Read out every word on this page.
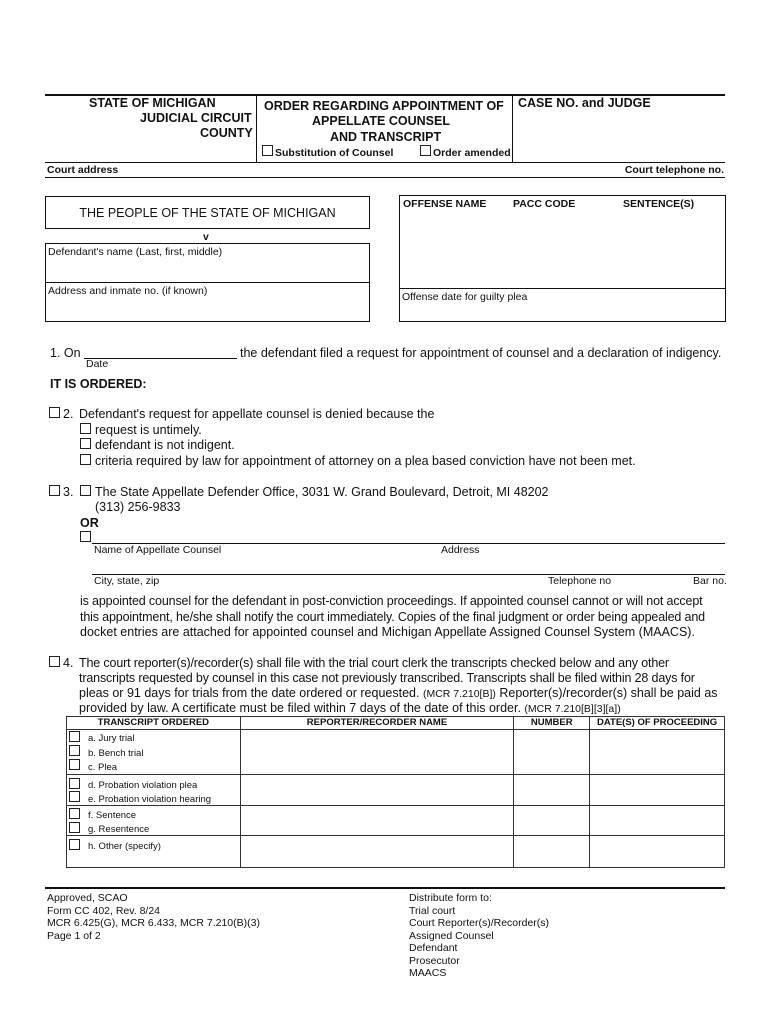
STATE OF MICHIGAN
JUDICIAL CIRCUIT
COUNTY
ORDER REGARDING APPOINTMENT OF
APPELLATE COUNSEL
AND TRANSCRIPT
Substitution of Counsel	Order amended
CASE NO. and JUDGE
Court address	Court telephone no.
THE PEOPLE OF THE STATE OF MICHIGAN
v
Defendant's name (Last, first, middle)
Address and inmate no. (if known)
OFFENSE NAME	PACC CODE	SENTENCE(S)
Offense date for guilty plea
1. On
Date
the defendant filed a request for appointment of counsel and a declaration of indigency.
IT IS ORDERED:
2. Defendant's request for appellate counsel is denied because the
request is untimely.
defendant is not indigent.
criteria required by law for appointment of attorney on a plea based conviction have not been met.
3. The State Appellate Defender Office, 3031 W. Grand Boulevard, Detroit, MI 48202
(313) 256-9833
OR
Name of Appellate Counsel	Address
City, state, zip	Telephone no	Bar no.
is appointed counsel for the defendant in post-conviction proceedings. If appointed counsel cannot or will not accept
this appointment, he/she shall notify the court immediately. Copies of the final judgment or order being appealed and
docket entries are attached for appointed counsel and Michigan Appellate Assigned Counsel System (MAACS).
4. The court reporter(s)/recorder(s) shall file with the trial court clerk the transcripts checked below and any other
transcripts requested by counsel in this case not previously transcribed. Transcripts shall be filed within 28 days for
pleas or 91 days for trials from the date ordered or requested. (MCR 7.210[B]) Reporter(s)/recorder(s) shall be paid as
provided by law. A certificate must be filed within 7 days of the date of this order. (MCR 7.210[B][3][a])
TRANSCRIPT ORDERED	REPORTER/RECORDER NAME	NUMBER	DATE(S) OF PROCEEDING

a. Jury trial
b. Bench trial
c. Plea			

d. Probation violation plea
e. Probation violation hearing			

f. Sentence
g. Resentence			

h. Other (specify)			

Approved, SCAO
Form CC 402, Rev. 8/24
MCR 6.425(G), MCR 6.433, MCR 7.210(B)(3)
Page 1 of 2
Distribute form to:
Trial court
Court Reporter(s)/Recorder(s)
Assigned Counsel
Defendant
Prosecutor
MAACS
